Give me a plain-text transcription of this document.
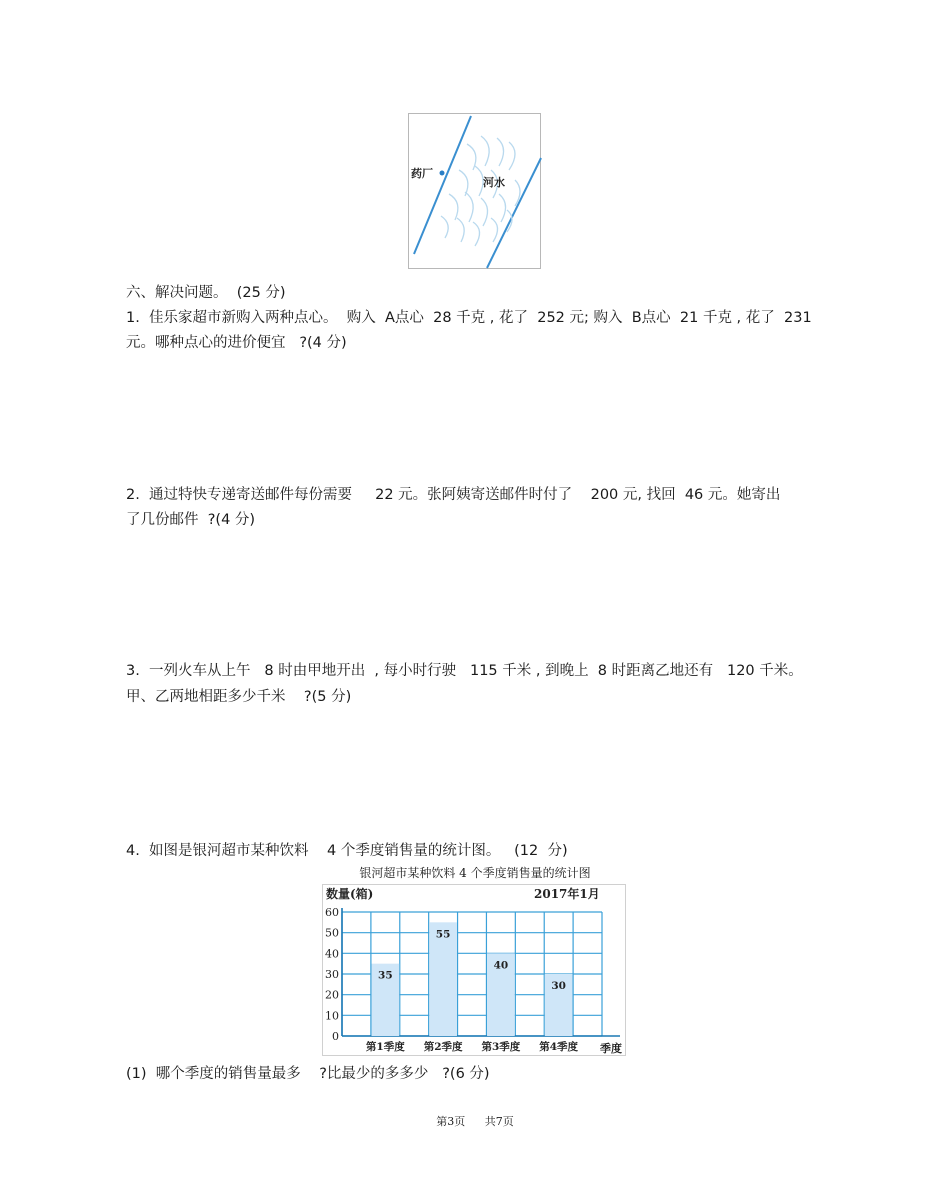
药厂
河水
六、解决问题。  (25 分)
1.  佳乐家超市新购入两种点心。  购入  A点心  28 千克 , 花了  252 元; 购入  B点心  21 千克 , 花了  231
元。哪种点心的进价便宜   ?(4 分)
2.  通过特快专递寄送邮件每份需要     22 元。张阿姨寄送邮件时付了    200 元, 找回  46 元。她寄出
了几份邮件  ?(4 分)
3.  一列火车从上午   8 时由甲地开出  , 每小时行驶   115 千米 , 到晚上  8 时距离乙地还有   120 千米。
甲、乙两地相距多少千米    ?(5 分)
4.  如图是银河超市某种饮料    4 个季度销售量的统计图。   (12  分)
银河超市某种饮料 4 个季度销售量的统计图
0
10
20
30
40
50
60
35
第1季度
55
第2季度
40
第3季度
30
第4季度
数量(箱)	2017年1月
季度
(1)  哪个季度的销售量最多    ?比最少的多多少   ?(6 分)
第3页 共7页
